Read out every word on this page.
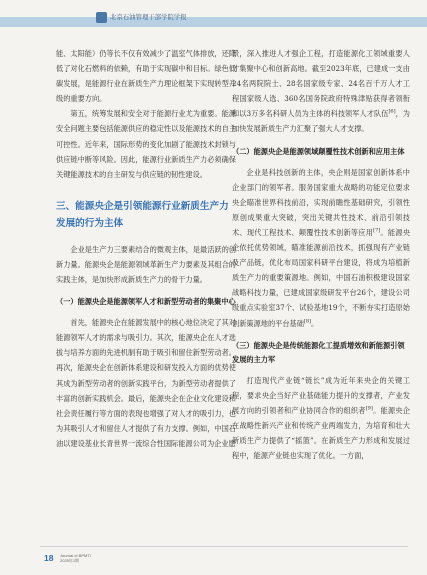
北京石油管理干部学院学报

能、太阳能）仍等长不仅有效减少了温室气体排放，还降低了对化石燃料的依赖，有助于实现碳中和目标。绿色低碳发展，是能源行业在新质生产力理论框架下实现转型升级的重要方向。

第五，统筹发展和安全对于能源行业尤为重要。能源安全问题主要包括能源供应的稳定性以及能源技术的自主可控性。近年来，国际形势的变化加剧了能源技术封锁与供应链中断等风险。因此，能源行业新质生产力必须确保关键能源技术的自主研发与供应链的韧性建设。

三、能源央企是引领能源行业新质生产力发展的行为主体

企业是生产力三要素结合的微观主体，是最活跃的创新力量。能源央企是能源领域革新生产力要素及其组合的实践主体，是加快形成新质生产力的骨干力量。

（一）能源央企是能源领军人才和新型劳动者的集聚中心

首先，能源央企在能源发展中的核心地位决定了其对能源领军人才的需求与吸引力。其次，能源央企在人才选拔与培养方面的先进机制有助于吸引和留住新型劳动者。再次，能源央企在创新体系建设和研发投入方面的优势使其成为新型劳动者的创新实践平台，为新型劳动者提供了丰富的创新实践机会。最后，能源央企在企业文化建设和社会责任履行等方面的表现也增强了对人才的吸引力，也为其吸引人才和留住人才提供了有力支撑。例如，中国石油以建设基业长青世界一流综合性国际能源公司为企业愿

景，深入推进人才强企工程，打造能源化工领域重要人才集聚中心和创新高地。截至2023年底，已建成一支由24名两院院士、28名国家级专家、24名百千万人才工程国家级人选、360名国务院政府特殊津贴获得者领衔和以3万多名科研人员为主体的科技领军人才队伍[6]，为加快发展新质生产力汇聚了强大人才支撑。

（二）能源央企是能源领域颠覆性技术创新和应用主体

企业是科技创新的主体，央企则是国家创新体系中企业部门的领军者。服务国家重大战略的功能定位要求央企瞄准世界科技前沿，实现前瞻性基础研究，引领性原创成果重大突破，突出关键共性技术、前沿引领技术、现代工程技术、颠覆性技术创新等应用[7]。能源央企依托优势领域，瞄准能源前沿技术，抓强现有产业链及产品链，优化布局国家科研平台建设，将成为培植新质生产力的重要策源地。例如，中国石油积极建设国家战略科技力量，已建成国家级研发平台26个，建设公司级重点实验室37个、试验基地19个，不断夯实打造原始创新策源地的平台基础[8]。

（三）能源央企是传统能源化工提质增效和新能源引领发展的主力军

打造现代产业链“链长”成为近年来央企的关键工程，要求央企当好产业基础能力提升的支撑者，产业发展方向的引领者和产业协同合作的组织者[9]。能源央企在战略性新兴产业和传统产业两端发力，为培育和壮大新质生产力提供了“摇篮”。在新质生产力形成和发展过程中，能源产业链也实现了优化。一方面，

18 Journal of BPMTI
2025年1期
